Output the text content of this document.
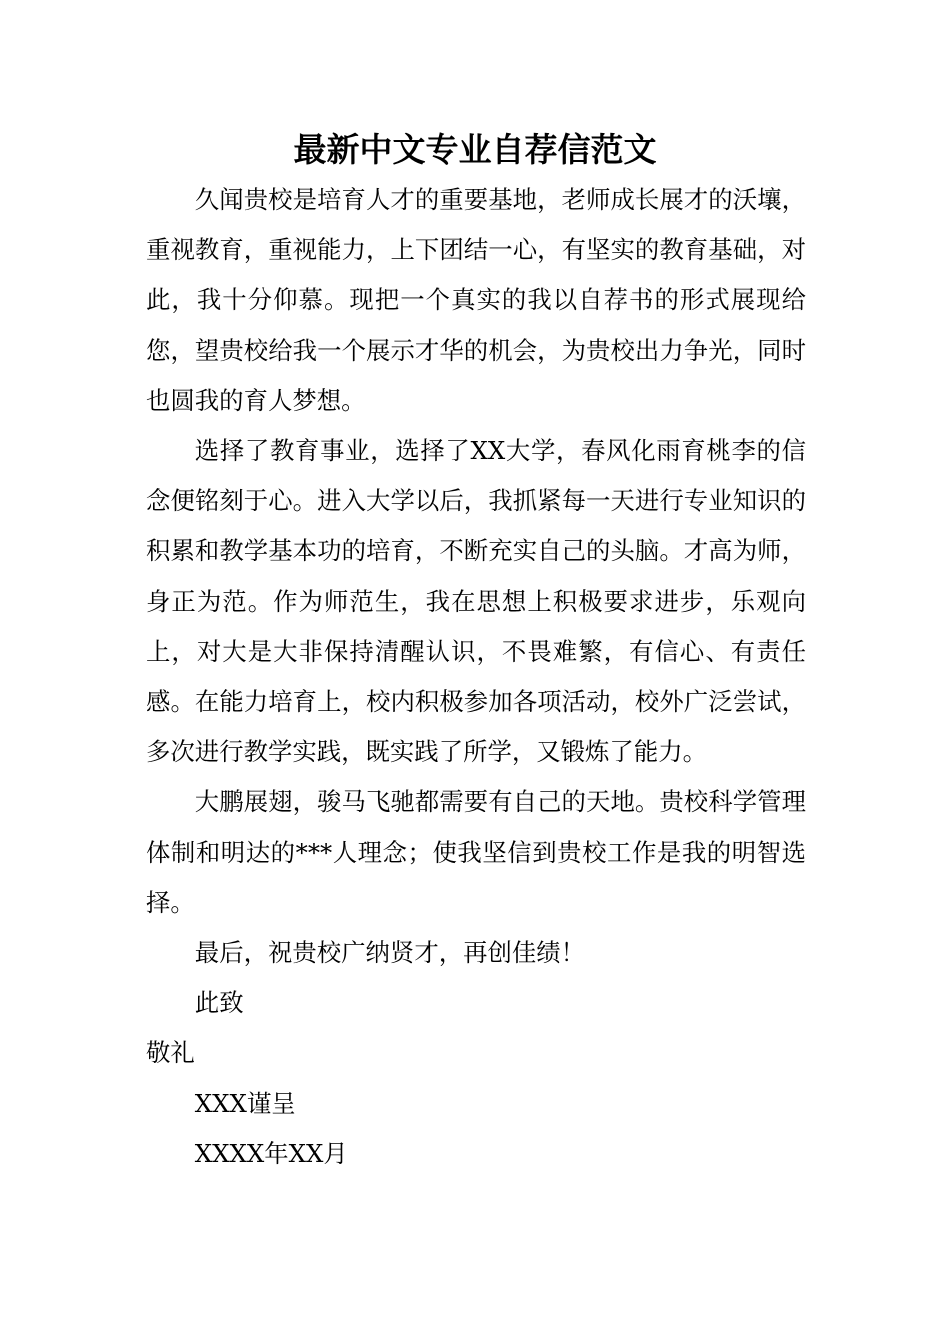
最新中文专业自荐信范文

久闻贵校是培育人才的重要基地，老师成长展才的沃壤，重视教育，重视能力，上下团结一心，有坚实的教育基础，对此，我十分仰慕。现把一个真实的我以自荐书的形式展现给您，望贵校给我一个展示才华的机会，为贵校出力争光，同时也圆我的育人梦想。

选择了教育事业，选择了XX大学，春风化雨育桃李的信念便铭刻于心。进入大学以后，我抓紧每一天进行专业知识的积累和教学基本功的培育，不断充实自己的头脑。才高为师，身正为范。作为师范生，我在思想上积极要求进步，乐观向上，对大是大非保持清醒认识，不畏难繁，有信心、有责任感。在能力培育上，校内积极参加各项活动，校外广泛尝试，多次进行教学实践，既实践了所学，又锻炼了能力。

大鹏展翅，骏马飞驰都需要有自己的天地。贵校科学管理体制和明达的***人理念；使我坚信到贵校工作是我的明智选择。

最后，祝贵校广纳贤才，再创佳绩！

此致

敬礼

XXX谨呈

XXXX年XX月
